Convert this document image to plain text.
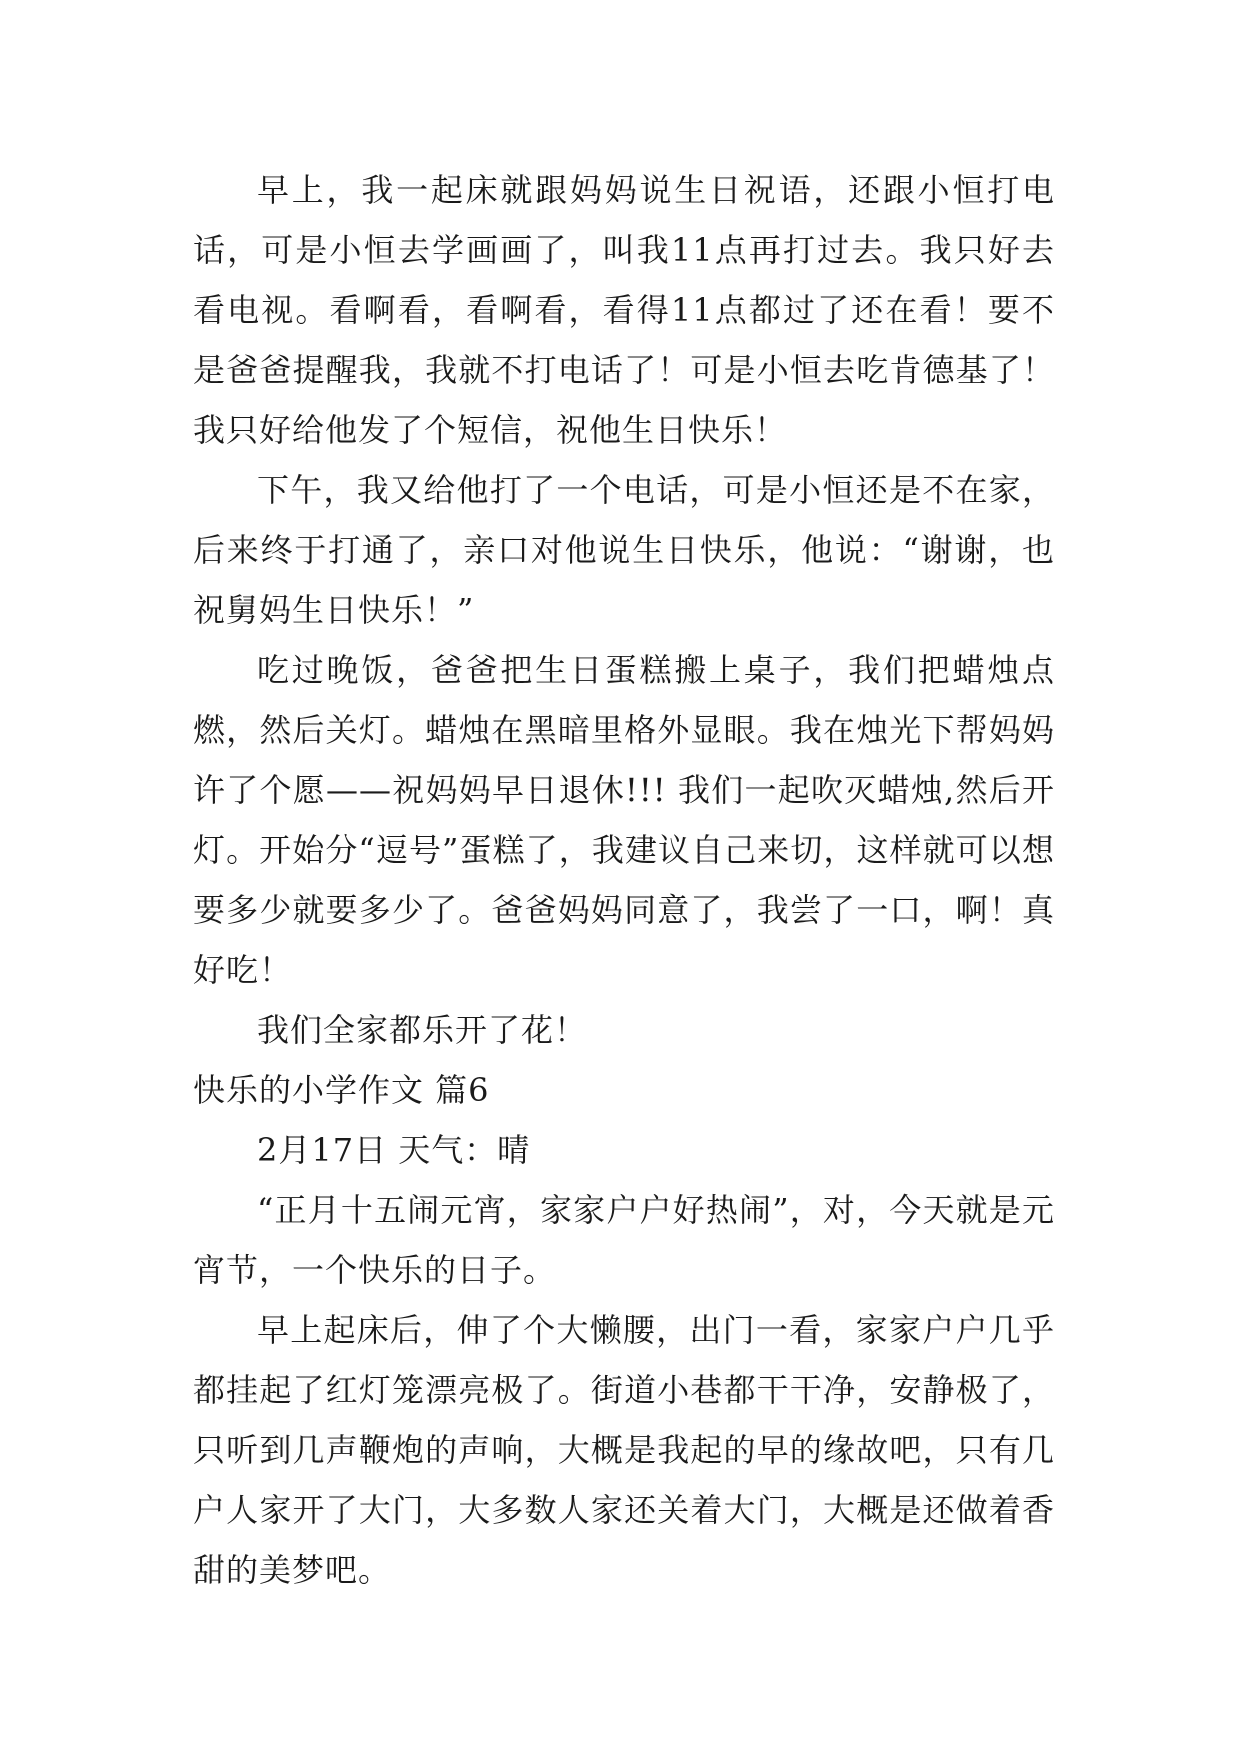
早上，我一起床就跟妈妈说生日祝语，还跟小恒打电话，可是小恒去学画画了，叫我11点再打过去。我只好去看电视。看啊看，看啊看，看得11点都过了还在看！要不是爸爸提醒我，我就不打电话了！可是小恒去吃肯德基了！我只好给他发了个短信，祝他生日快乐！

下午，我又给他打了一个电话，可是小恒还是不在家，后来终于打通了，亲口对他说生日快乐，他说：“谢谢，也祝舅妈生日快乐！”

吃过晚饭，爸爸把生日蛋糕搬上桌子，我们把蜡烛点燃，然后关灯。蜡烛在黑暗里格外显眼。我在烛光下帮妈妈许了个愿——祝妈妈早日退休!!! 我们一起吹灭蜡烛,然后开灯。开始分“逗号”蛋糕了，我建议自己来切，这样就可以想要多少就要多少了。爸爸妈妈同意了，我尝了一口，啊！真好吃！

我们全家都乐开了花！

快乐的小学作文 篇6

2月17日 天气：晴

“正月十五闹元宵，家家户户好热闹”，对，今天就是元宵节，一个快乐的日子。

早上起床后，伸了个大懒腰，出门一看，家家户户几乎都挂起了红灯笼漂亮极了。街道小巷都干干净，安静极了，只听到几声鞭炮的声响，大概是我起的早的缘故吧，只有几户人家开了大门，大多数人家还关着大门，大概是还做着香甜的美梦吧。
